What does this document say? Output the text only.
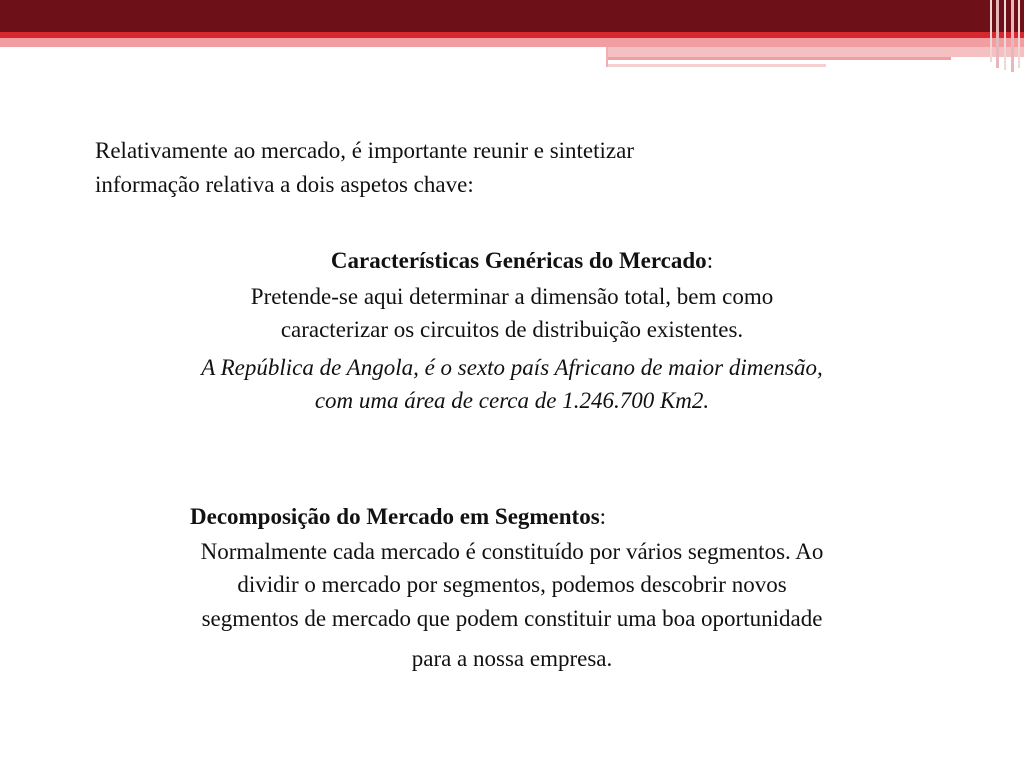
Relativamente ao mercado, é importante reunir e sintetizar
informação relativa a dois aspetos chave:
Características Genéricas do Mercado:
Pretende-se aqui determinar a dimensão total, bem como
caracterizar os circuitos de distribuição existentes.
A República de Angola, é o sexto país Africano de maior dimensão,
com uma área de cerca de 1.246.700 Km2.
Decomposição do Mercado em Segmentos:
Normalmente cada mercado é constituído por vários segmentos. Ao
dividir o mercado por segmentos, podemos descobrir novos
segmentos de mercado que podem constituir uma boa oportunidade
para a nossa empresa.
